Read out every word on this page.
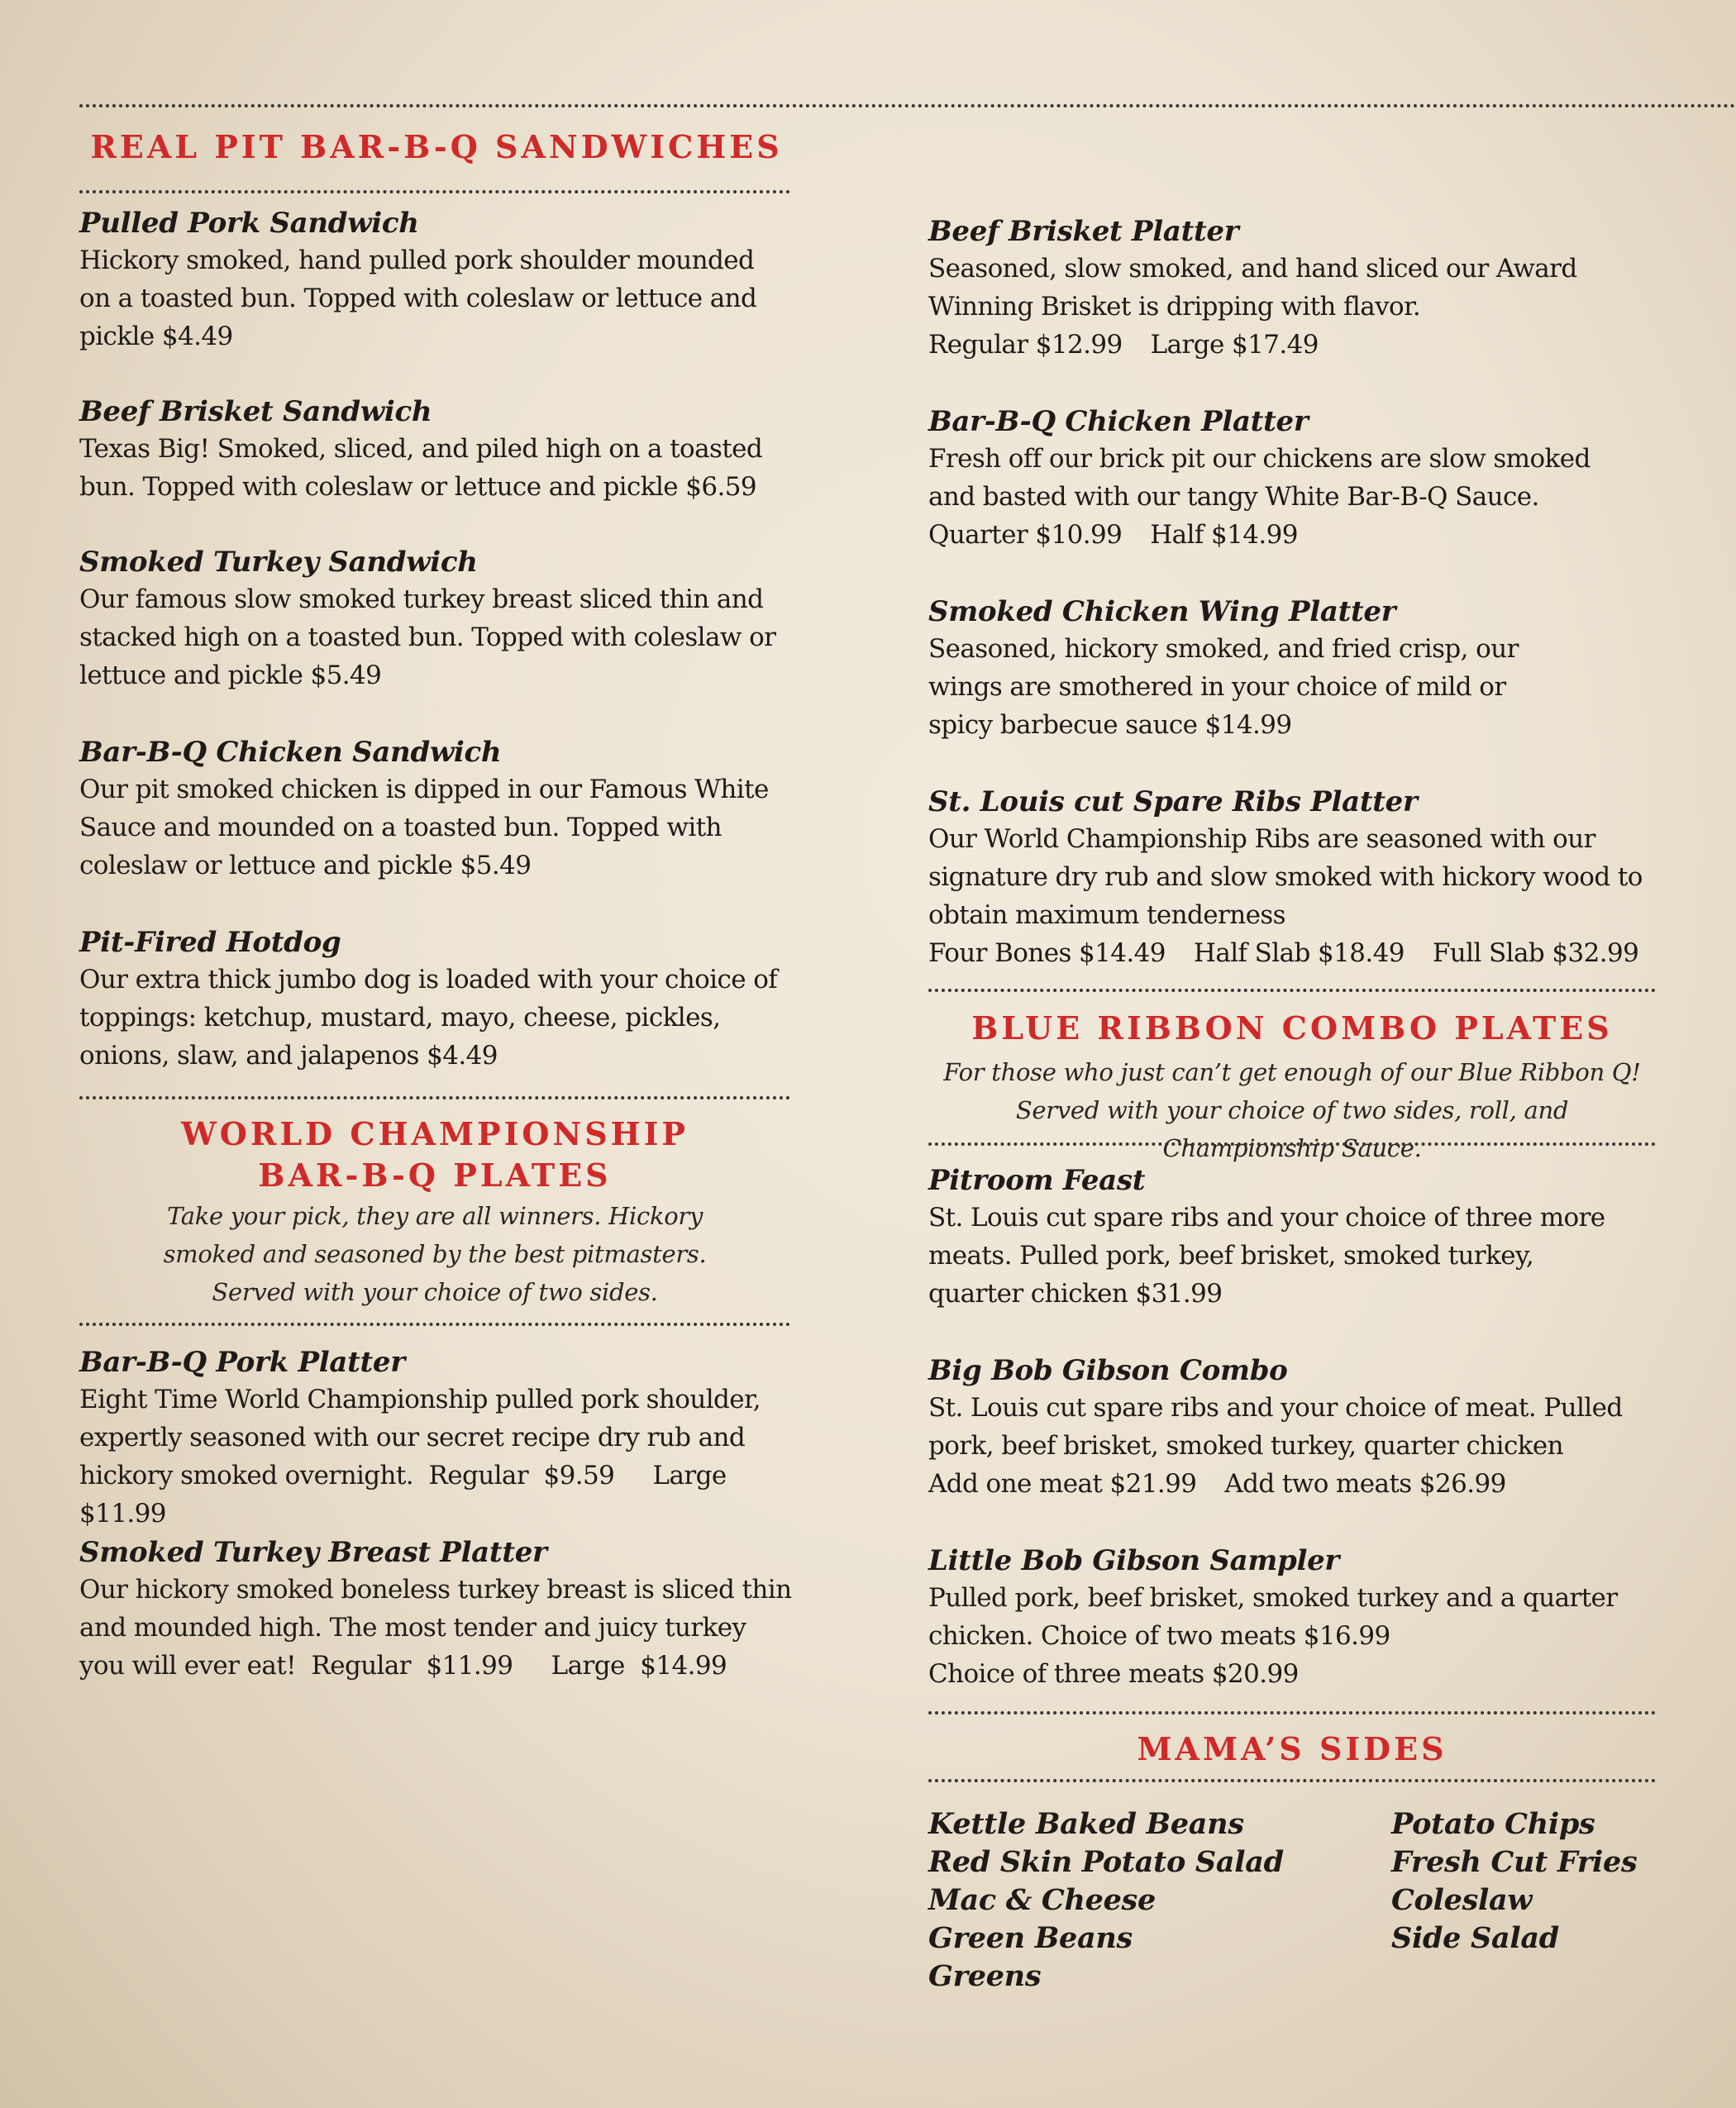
REAL PIT BAR-B-Q SANDWICHES
Pulled Pork Sandwich
Hickory smoked, hand pulled pork shoulder mounded on a toasted bun. Topped with coleslaw or lettuce and pickle $4.49
Beef Brisket Sandwich
Texas Big! Smoked, sliced, and piled high on a toasted bun. Topped with coleslaw or lettuce and pickle $6.59
Smoked Turkey Sandwich
Our famous slow smoked turkey breast sliced thin and stacked high on a toasted bun. Topped with coleslaw or lettuce and pickle $5.49
Bar-B-Q Chicken Sandwich
Our pit smoked chicken is dipped in our Famous White Sauce and mounded on a toasted bun. Topped with coleslaw or lettuce and pickle $5.49
Pit-Fired Hotdog
Our extra thick jumbo dog is loaded with your choice of toppings: ketchup, mustard, mayo, cheese, pickles, onions, slaw, and jalapenos $4.49
WORLD CHAMPIONSHIP
BAR-B-Q PLATES
Take your pick, they are all winners. Hickory smoked and seasoned by the best pitmasters. Served with your choice of two sides.
Bar-B-Q Pork Platter
Eight Time World Championship pulled pork shoulder, expertly seasoned with our secret recipe dry rub and hickory smoked overnight.  Regular  $9.59     Large  $11.99
Smoked Turkey Breast Platter
Our hickory smoked boneless turkey breast is sliced thin and mounded high. The most tender and juicy turkey you will ever eat!  Regular  $11.99     Large  $14.99
Beef Brisket Platter
Seasoned, slow smoked, and hand sliced our Award Winning Brisket is dripping with flavor.
Regular $12.99 Large $17.49
Bar-B-Q Chicken Platter
Fresh off our brick pit our chickens are slow smoked and basted with our tangy White Bar-B-Q Sauce.
Quarter $10.99 Half $14.99
Smoked Chicken Wing Platter
Seasoned, hickory smoked, and fried crisp, our wings are smothered in your choice of mild or spicy barbecue sauce $14.99
St. Louis cut Spare Ribs Platter
Our World Championship Ribs are seasoned with our signature dry rub and slow smoked with hickory wood to obtain maximum tenderness
Four Bones $14.49 Half Slab $18.49 Full Slab $32.99
BLUE RIBBON COMBO PLATES
For those who just can’t get enough of our Blue Ribbon Q! Served with your choice of two sides, roll, and Championship Sauce.
Pitroom Feast
St. Louis cut spare ribs and your choice of three more meats. Pulled pork, beef brisket, smoked turkey, quarter chicken $31.99
Big Bob Gibson Combo
St. Louis cut spare ribs and your choice of meat. Pulled pork, beef brisket, smoked turkey, quarter chicken
Add one meat $21.99 Add two meats $26.99
Little Bob Gibson Sampler
Pulled pork, beef brisket, smoked turkey and a quarter chicken. Choice of two meats $16.99
Choice of three meats $20.99
MAMA’S SIDES
Kettle Baked Beans
Red Skin Potato Salad
Mac & Cheese
Green Beans
Greens
Potato Chips
Fresh Cut Fries
Coleslaw
Side Salad
